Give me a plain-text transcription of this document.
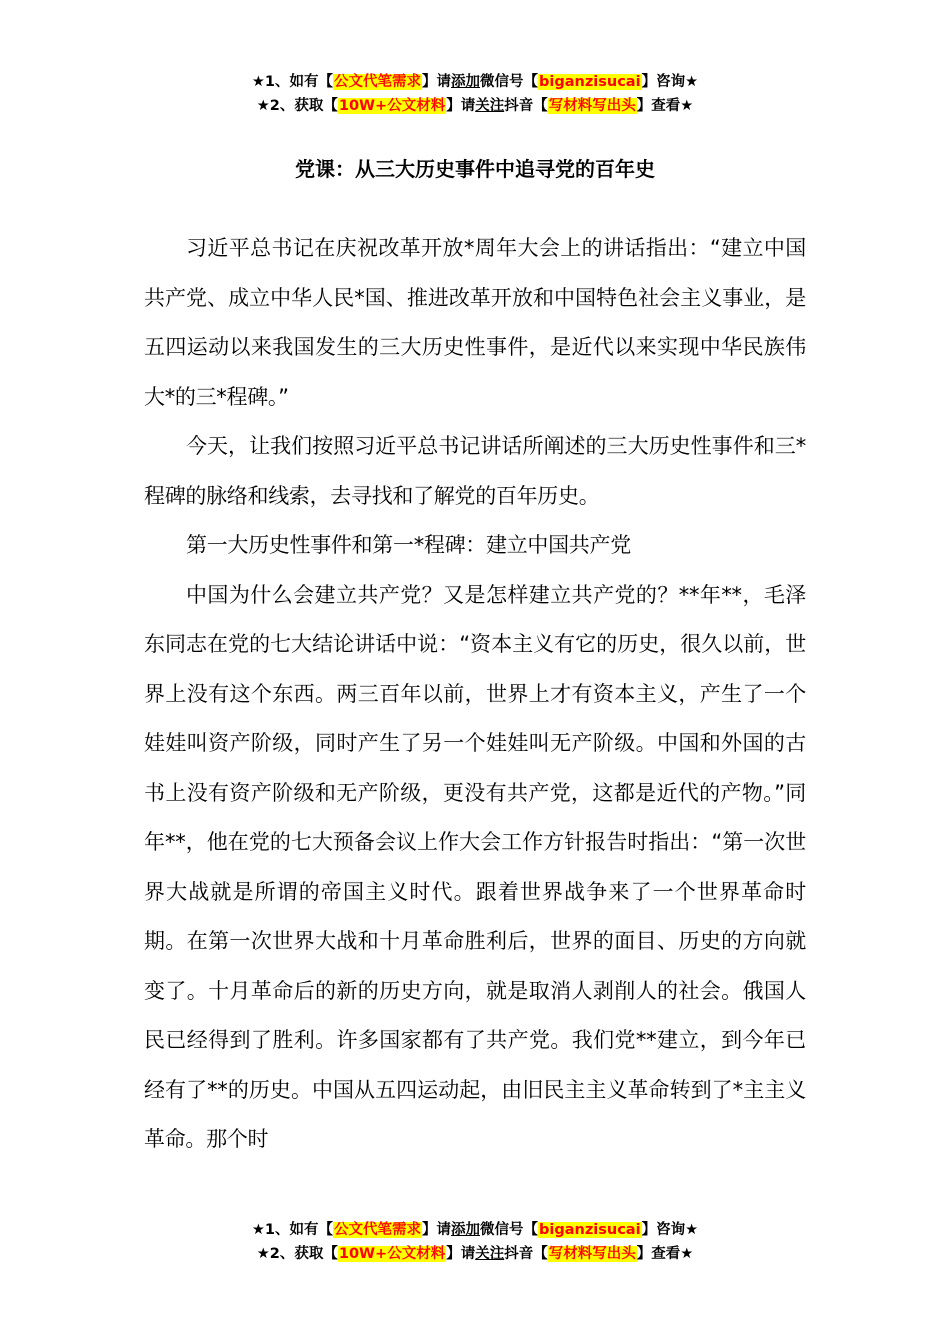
★1、如有【公文代笔需求】请添加微信号【biganzisucai】咨询★
★2、获取【10W+公文材料】请关注抖音【写材料写出头】查看★
党课：从三大历史事件中追寻党的百年史

习近平总书记在庆祝改革开放*周年大会上的讲话指出：“建立中国共产党、成立中华人民*国、推进改革开放和中国特色社会主义事业，是五四运动以来我国发生的三大历史性事件，是近代以来实现中华民族伟大*的三*程碑。”

今天，让我们按照习近平总书记讲话所阐述的三大历史性事件和三*程碑的脉络和线索，去寻找和了解党的百年历史。

第一大历史性事件和第一*程碑：建立中国共产党

中国为什么会建立共产党？又是怎样建立共产党的？**年**，毛泽东同志在党的七大结论讲话中说：“资本主义有它的历史，很久以前，世界上没有这个东西。两三百年以前，世界上才有资本主义，产生了一个娃娃叫资产阶级，同时产生了另一个娃娃叫无产阶级。中国和外国的古书上没有资产阶级和无产阶级，更没有共产党，这都是近代的产物。”同年**，他在党的七大预备会议上作大会工作方针报告时指出：“第一次世界大战就是所谓的帝国主义时代。跟着世界战争来了一个世界革命时期。在第一次世界大战和十月革命胜利后，世界的面目、历史的方向就变了。十月革命后的新的历史方向，就是取消人剥削人的社会。俄国人民已经得到了胜利。许多国家都有了共产党。我们党**建立，到今年已经有了**的历史。中国从五四运动起，由旧民主主义革命转到了*主主义革命。那个时

★1、如有【公文代笔需求】请添加微信号【biganzisucai】咨询★
★2、获取【10W+公文材料】请关注抖音【写材料写出头】查看★
